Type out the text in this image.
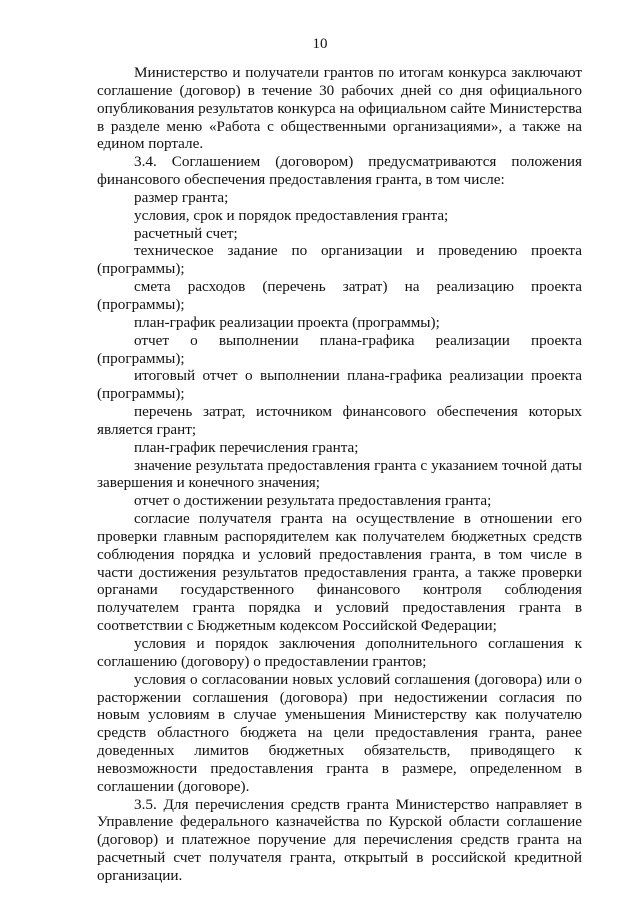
10

Министерство и получатели грантов по итогам конкурса заключают соглашение (договор) в течение 30 рабочих дней со дня официального опубликования результатов конкурса на официальном сайте Министерства в разделе меню «Работа с общественными организациями», а также на едином портале.

3.4. Соглашением (договором) предусматриваются положения финансового обеспечения предоставления гранта, в том числе:

размер гранта;

условия, срок и порядок предоставления гранта;

расчетный счет;

техническое задание по организации и проведению проекта (программы);

смета расходов (перечень затрат) на реализацию проекта (программы);

план-график реализации проекта (программы);

отчет о выполнении плана-графика реализации проекта (программы);

итоговый отчет о выполнении плана-графика реализации проекта (программы);

перечень затрат, источником финансового обеспечения которых является грант;

план-график перечисления гранта;

значение результата предоставления гранта с указанием точной даты завершения и конечного значения;

отчет о достижении результата предоставления гранта;

согласие получателя гранта на осуществление в отношении его проверки главным распорядителем как получателем бюджетных средств соблюдения порядка и условий предоставления гранта, в том числе в части достижения результатов предоставления гранта, а также проверки органами государственного финансового контроля соблюдения получателем гранта порядка и условий предоставления гранта в соответствии с Бюджетным кодексом Российской Федерации;

условия и порядок заключения дополнительного соглашения к соглашению (договору) о предоставлении грантов;

условия о согласовании новых условий соглашения (договора) или о расторжении соглашения (договора) при недостижении согласия по новым условиям в случае уменьшения Министерству как получателю средств областного бюджета на цели предоставления гранта, ранее доведенных лимитов бюджетных обязательств, приводящего к невозможности предоставления гранта в размере, определенном в соглашении (договоре).

3.5. Для перечисления средств гранта Министерство направляет в Управление федерального казначейства по Курской области соглашение (договор) и платежное поручение для перечисления средств гранта на расчетный счет получателя гранта, открытый в российской кредитной организации.
